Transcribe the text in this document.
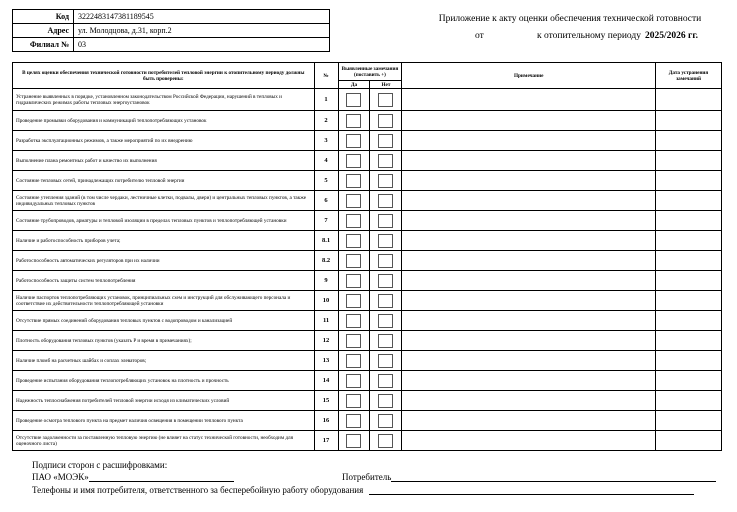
Код	3222483147381189545
Адрес	ул. Молодцова, д.31, корп.2
Филиал №	03
Приложение к акту оценки обеспечения технической готовности
от	к отопительному периоду 2025/2026 гг.
В целях оценки обеспечения технической готовности потребителей тепловой энергии к отопительному периоду должны быть проверены:	№	Выявленные замечания (поставить +)		Примечание	Дата устранения замечаний
		Да	Нет		
Устранение выявленных в порядке, установленном законодательством Российской Федерации, нарушений в тепловых и гидравлических режимах работы тепловых энергоустановок	1				
Проведение промывки оборудования и коммуникаций теплопотребляющих установок	2				
Разработка эксплуатационных режимов, а также мероприятий по их внедрению	3				
Выполнение плана ремонтных работ и качество их выполнения	4				
Состояние тепловых сетей, принадлежащих потребителю тепловой энергии	5				
Состояние утепления зданий (в том числе чердаки, лестничные клетки, подвалы, двери) и центральных тепловых пунктов, а также индивидуальных тепловых пунктов	6				
Состояние трубопроводов, арматуры и тепловой изоляции в пределах тепловых пунктов и теплопотребляющей установки	7				
Наличие и работоспособность приборов учета;	8.1				
Работоспособность автоматических регуляторов при их наличии	8.2				
Работоспособность защиты систем теплопотребления	9				
Наличие паспортов теплопотребляющих установок, принципиальных схем и инструкций для обслуживающего персонала и соответствие их действительности теплопотребляющей установки	10				
Отсутствие прямых соединений оборудования тепловых пунктов с водопроводом и канализацией	11				
Плотность оборудования тепловых пунктов (указать P и время в примечаниях);	12				
Наличие пломб на расчетных шайбах и соплах элеваторов;	13				
Проведение испытания оборудования теплопотребляющих установок на плотность и прочность	14				
Надежность теплоснабжения потребителей тепловой энергии исходя из климатических условий	15				
Проведение осмотра теплового пункта на предмет наличия освещения в помещении теплового пункта	16				
Отсутствие задолженности за поставленную тепловую энергию (не влияет на статус технической готовности, необходим для оценочного листа)	17				
Подписи сторон с расшифровками:
ПАО «МОЭК»	Потребитель
Телефоны и имя потребителя, ответственного за бесперебойную работу оборудования
